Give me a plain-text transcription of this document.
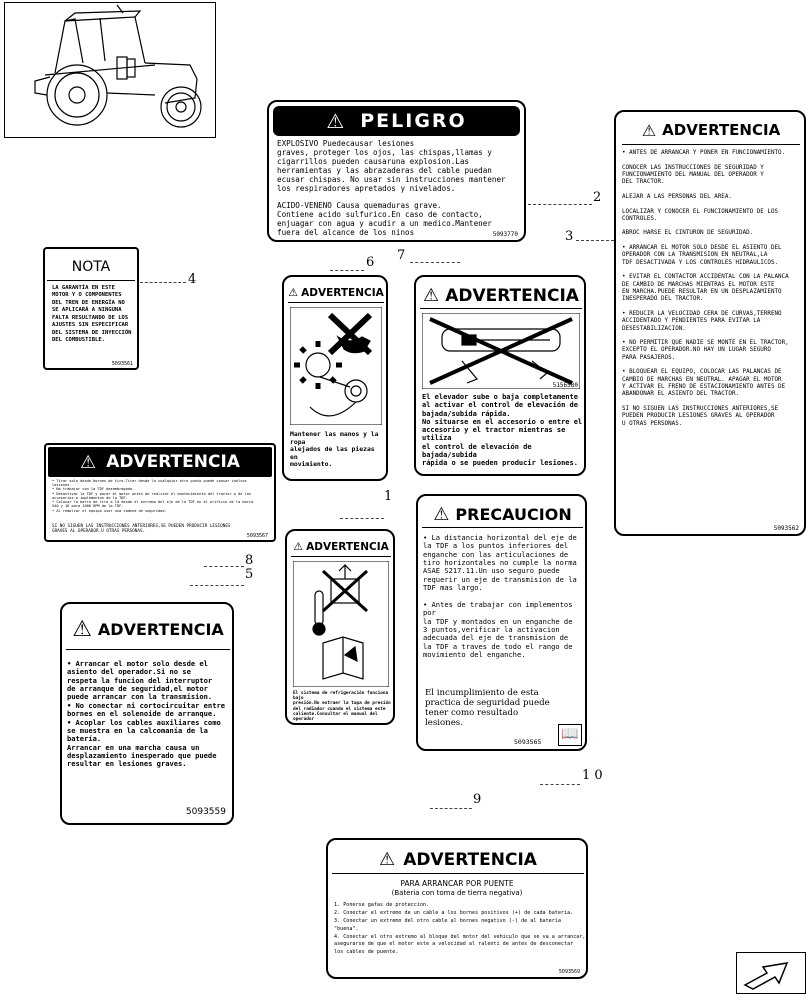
2
3
4
6 7
8
5
1
1 0
9
⚠ PELIGRO
EXPLOSIVO Puedecausar lesiones
graves, proteger los ojos, las chispas,llamas y
cigarrillos pueden causaruna explosion.Las
herramientas y las abrazaderas del cable puedan
ecusar chispas. No usar sin instrucciones mantener
los respiradores apretados y nivelados.
ACIDO-VENENO Causa quemaduras grave.
Contiene acido sulfurico.En caso de contacto,
enjuagar con agua y acudir a un medico.Mantener
fuera del alcance de los ninos	5093770
⚠ ADVERTENCIA
• ANTES DE ARRANCAR Y PONER EN FUNCIONAMIENTO.

CONOCER LAS INSTRUCCIONES DE SEGURIDAD Y
FUNCIONAMIENTO DEL MANUAL DEL OPERADOR Y
DEL TRACTOR.

ALEJAR A LAS PERSONAS DEL AREA.

LOCALIZAR Y CONOCER EL FUNCIONAMIENTO DE LOS
CONTROLES.

ABROC HARSE EL CINTURON DE SEGURIDAD.

• ARRANCAR EL MOTOR SOLO DESDE EL ASIENTO DEL
OPERADOR CON LA TRANSMISION EN NEUTRAL,LA
TDF DESACTIVADA Y LOS CONTROLES HIDRAULICOS.

• EVITAR EL CONTACTOR ACCIDENTAL CON LA PALANCA
DE CAMBIO DE MARCHAS MIENTRAS EL MOTOR ESTE
EN MARCHA.PUEDE RESULTAR EN UN DESPLAZAMIENTO
INESPERADO DEL TRACTOR.

• REDUCIR LA VELOCIDAD CERA DE CURVAS,TERRENO
ACCIDENTADO Y PENDIENTES PARA EVITAR LA
DESESTABILIZACION.

• NO PERMITIR QUE NADIE SE MONTE EN EL TRACTOR,
EXCEPTO EL OPERADOR.NO HAY UN LUGAR SEGURO
PARA PASAJEROS.

• BLOQUEAR EL EQUIPO, COLOCAR LAS PALANCAS DE
CAMBIO DE MARCHAS EN NEUTRAL. APAGAR EL MOTOR
Y ACTIVAR EL FRENO DE ESTACIONAMIENTO ANTES DE
ABANDONAR EL ASIENTO DEL TRACTOR.

SI NO SIGUEN LAS INSTRUCCIONES ANTERIORES,SE
PUEDEN PRODUCIR LESIONES GRAVES AL OPERADOR
U OTRAS PERSONAS.
5093562
NOTA
LA GARANTÍA EN ESTE
MOTOR Y O COMPONENTES
DEL TREN DE ENERGÍA NO
SE APLICARÁ A NINGUNA
FALTA RESULTANDO DE LOS
AJUSTES SIN ESPECIFICAR
DEL SISTEMA DE INYECCIÓN
DEL COMBUSTIBLE.
5093561
⚠ ADVERTENCIA
Mantener las manos y la ropa
alejados de las piezas en
movimiento.
⚠ ADVERTENCIA
5156580
El elevador sube o baja completamente
al activar el control de elevación de
bajada/subida rápida.
No situarse en el accesorio o entre el
accesorio y el tractor mientras se utiliza
el control de elevación de bajada/subida
rápida o se pueden producir lesiones.
⚠ ADVERTENCIA
• Tirar solo desde bornes de tiro.Tirar desde lo cualquier otro punto puede causar vuelcos
lesiones.
• No trabajar con la TDF desembragada.
• Desactivar la TDF y parar el motor antes de realizar el mantenimiento del tractor o de los
accesorios o implementos de la TDF.
• Colocar la barra de tiro a 14 desde el extremo del eje de la TDF en el orificio de la barra
540 y 16 para 1000 RPM de la TDF.
• Al remolcar el equipo usar una cadena de seguridad.
SI NO SIGUEN LAS INSTRUCCIONES ANTERIORES,SE PUEDEN PRODUCIR LESIONES
GRAVES AL OPERADOR U OTRAS PERSONAS.
5093567
⚠ ADVERTENCIA
El sistema de refrigeración funciona bajo
presión.No extraer la tapa de presión
del radiador cuando el sistema este
caliente.Consultar el manual del operador
⚠ PRECAUCION
• La distancia horizontal del eje de
la TDF a los puntos inferiores del
enganche con las articulaciones de
tiro horizontales no cumple la norma
ASAE S217.11.Un uso seguro puede
requerir un eje de transmision de la
TDF mas largo.

• Antes de trabajar con implementos por
la TDF y montados en un enganche de
3 puntos,verificar la activacion
adecuada del eje de transmision de
la TDF a traves de todo el rango de
movimiento del enganche.
El incumplimiento de esta
practica de seguridad puede
tener como resultado
lesiones.
5093565 📖
⚠ ADVERTENCIA
• Arrancar el motor solo desde el
asiento del operador.Si no se
respeta la funcion del interruptor
de arranque de seguridad,el motor
puede arrancar con la transmision.
• No conectar ni cortocircuitar entre
bornes en el solenoide de arranque.
• Acoplar los cables auxiliares como
se muestra en la calcomanía de la
batería.
Arrancar en una marcha causa un
desplazamiento inesperado que puede
resultar en lesiones graves.
5093559
⚠ ADVERTENCIA
PARA ARRANCAR POR PUENTE
(Bateria con toma de tierra negativa)
1. Ponerse gafas de proteccion.
2. Conectar el extremo de un cable a los bornes positivos (+) de cada bateria.
3. Conectar un extremo del otro cable al bornes negativo (-) de al bateria "buena".
4. Conectar el otro extremo al bloque del motor del vehiculo que se va a arrancar,
asegurarse de que el motor este a velocidad al ralenti de antes de desconectar
los cables de puente.
5093569
